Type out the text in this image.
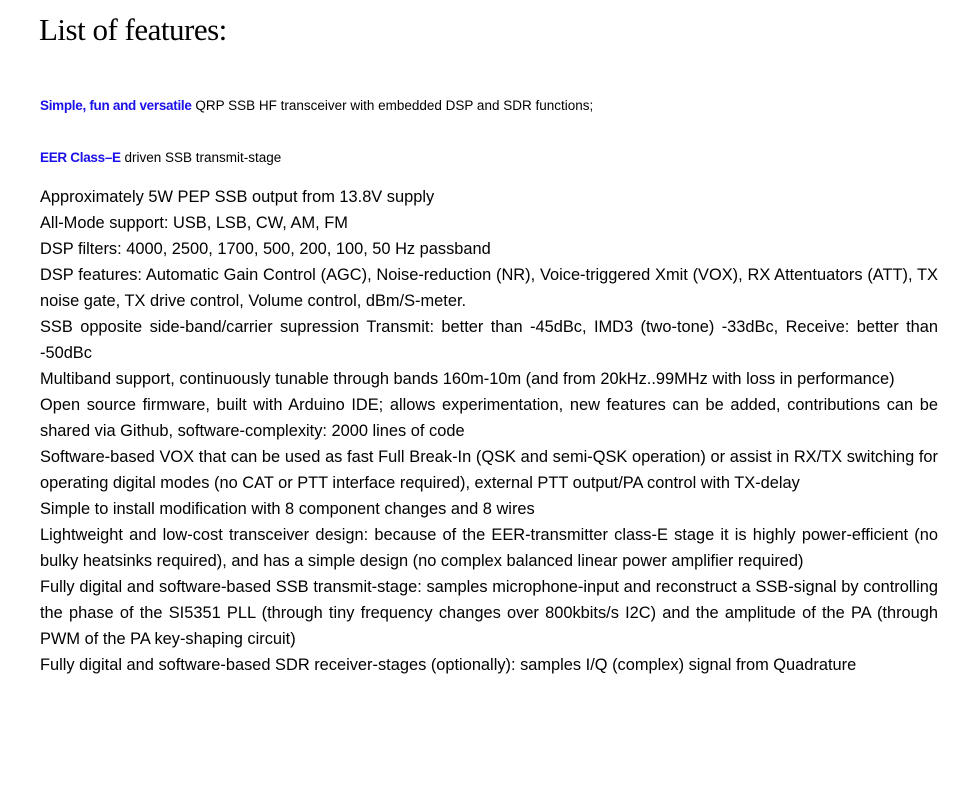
List of features:

Simple, fun and versatile QRP SSB HF transceiver with embedded DSP and SDR functions;

EER Class–E driven SSB transmit-stage

Approximately 5W PEP SSB output from 13.8V supply
All-Mode support: USB, LSB, CW, AM, FM
DSP filters: 4000, 2500, 1700, 500, 200, 100, 50 Hz passband
DSP features: Automatic Gain Control (AGC), Noise-reduction (NR), Voice-triggered Xmit (VOX), RX Attentuators (ATT), TX noise gate, TX drive control, Volume control, dBm/S-meter.
SSB opposite side-band/carrier supression Transmit: better than -45dBc, IMD3 (two-tone) -33dBc, Receive: better than -50dBc
Multiband support, continuously tunable through bands 160m-10m (and from 20kHz..99MHz with loss in performance)
Open source firmware, built with Arduino IDE; allows experimentation, new features can be added, contributions can be shared via Github, software-complexity: 2000 lines of code
Software-based VOX that can be used as fast Full Break-In (QSK and semi-QSK operation) or assist in RX/TX switching for operating digital modes (no CAT or PTT interface required), external PTT output/PA control with TX-delay
Simple to install modification with 8 component changes and 8 wires
Lightweight and low-cost transceiver design: because of the EER-transmitter class-E stage it is highly power-efficient (no bulky heatsinks required), and has a simple design (no complex balanced linear power amplifier required)
Fully digital and software-based SSB transmit-stage: samples microphone-input and reconstruct a SSB-signal by controlling the phase of the SI5351 PLL (through tiny frequency changes over 800kbits/s I2C) and the amplitude of the PA (through PWM of the PA key-shaping circuit)
Fully digital and software-based SDR receiver-stages (optionally): samples I/Q (complex) signal from Quadrature
